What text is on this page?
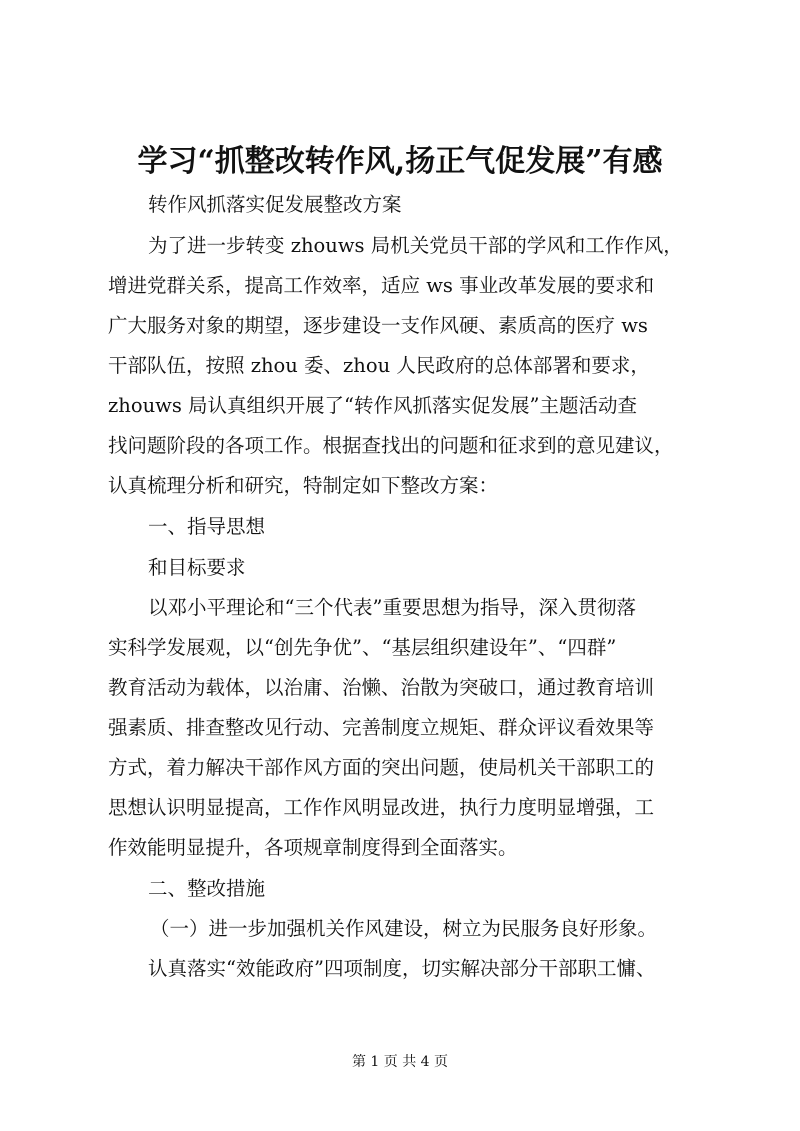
学习“抓整改转作风,扬正气促发展”有感
转作风抓落实促发展整改方案
为了进一步转变 zhouws 局机关党员干部的学风和工作作风，
增进党群关系，提高工作效率，适应 ws 事业改革发展的要求和
广大服务对象的期望，逐步建设一支作风硬、素质高的医疗 ws
干部队伍，按照 zhou 委、zhou 人民政府的总体部署和要求，
zhouws 局认真组织开展了“转作风抓落实促发展”主题活动查
找问题阶段的各项工作。根据查找出的问题和征求到的意见建议，
认真梳理分析和研究，特制定如下整改方案：
一、指导思想
和目标要求
以邓小平理论和“三个代表”重要思想为指导，深入贯彻落
实科学发展观，以“创先争优”、“基层组织建设年”、“四群”
教育活动为载体，以治庸、治懒、治散为突破口，通过教育培训
强素质、排查整改见行动、完善制度立规矩、群众评议看效果等
方式，着力解决干部作风方面的突出问题，使局机关干部职工的
思想认识明显提高，工作作风明显改进，执行力度明显增强，工
作效能明显提升，各项规章制度得到全面落实。
二、整改措施
（一）进一步加强机关作风建设，树立为民服务良好形象。
认真落实“效能政府”四项制度，切实解决部分干部职工慵、
第 1 页 共 4 页
